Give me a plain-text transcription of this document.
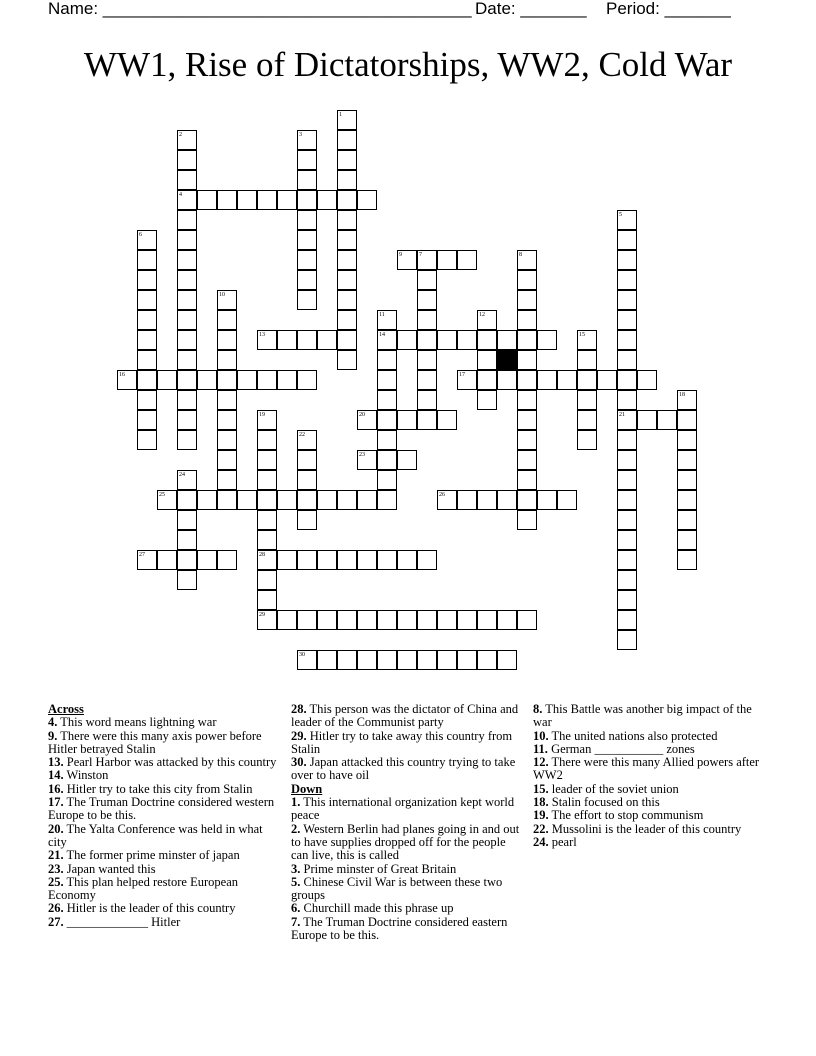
Name: _______________________________________ Date: _______ Period: _______
WW1, Rise of Dictatorships, WW2, Cold War
4
9	7
13	14
16	17
20	21
23
25	26
27	28
29
30
1
2	3
5
6
8
10
11	12
15
18
19
22
24
Across
4. This word means lightning war
9. There were this many axis power before Hitler betrayed Stalin
13. Pearl Harbor was attacked by this country
14. Winston
16. Hitler try to take this city from Stalin
17. The Truman Doctrine considered western Europe to be this.
20. The Yalta Conference was held in what city
21. The former prime minster of japan
23. Japan wanted this
25. This plan helped restore European Economy
26. Hitler is the leader of this country
27. _____________ Hitler
28. This person was the dictator of China and leader of the Communist party
29. Hitler try to take away this country from Stalin
30. Japan attacked this country trying to take over to have oil
Down
1. This international organization kept world peace
2. Western Berlin had planes going in and out to have supplies dropped off for the people can live, this is called
3. Prime minster of Great Britain
5. Chinese Civil War is between these two groups
6. Churchill made this phrase up
7. The Truman Doctrine considered eastern Europe to be this.
8. This Battle was another big impact of the war
10. The united nations also protected
11. German ___________ zones
12. There were this many Allied powers after WW2
15. leader of the soviet union
18. Stalin focused on this
19. The effort to stop communism
22. Mussolini is the leader of this country
24. pearl
